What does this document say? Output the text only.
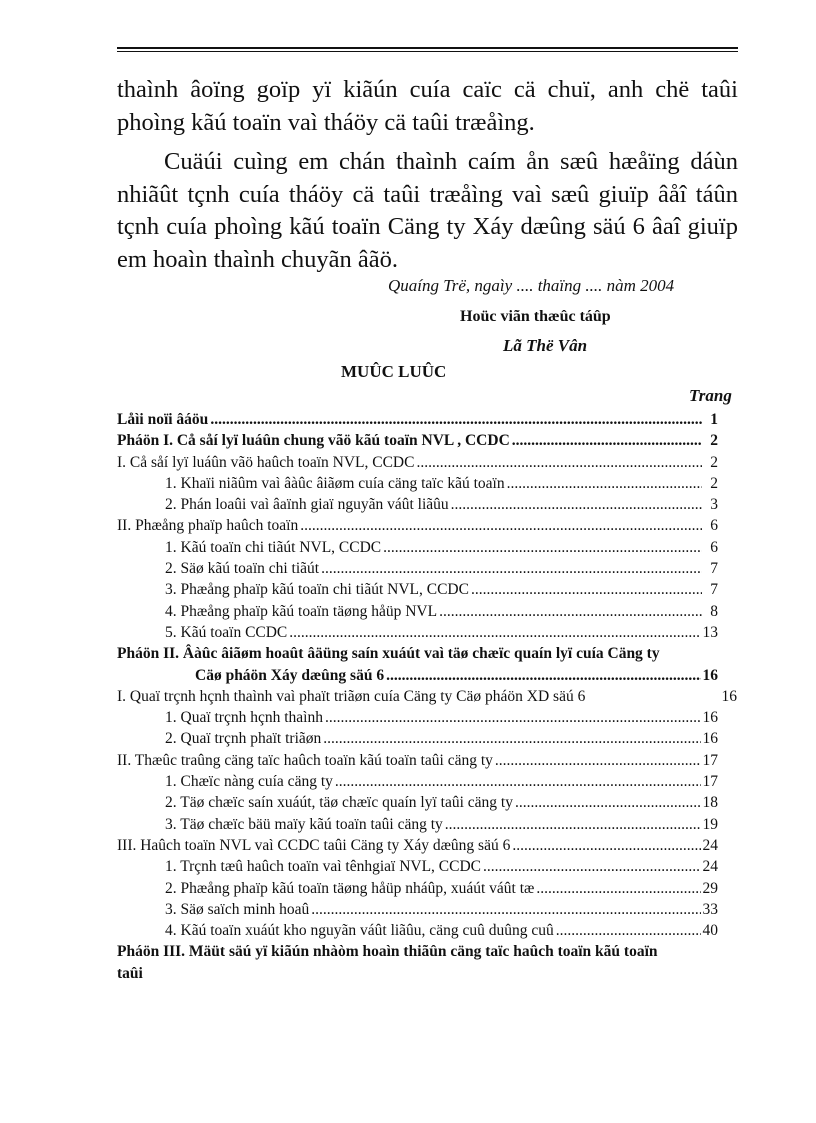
thaình âoïng goïp yï kiãún cuía caïc cä chuï, anh chë taûi phoìng kãú toaïn vaì tháöy cä taûi træåìng.

Cuäúi cuìng em chán thaình caím ån sæû hæåïng dáùn nhiãût tçnh cuía tháöy cä taûi træåìng vaì sæû giuïp âåî táûn tçnh cuía phoìng kãú toaïn Cäng ty Xáy dæûng säú 6 âaî giuïp em hoaìn thaình chuyãn âãö.

Quaíng Trë, ngaìy .... thaïng .... nàm 2004
Hoüc viãn thæûc táûp
Lã Thë Vân
MUÛC LUÛC
Trang
Låìi noïi âáöu .....	1
Pháön I. Cå såí lyï luáûn chung vãö kãú toaïn NVL , CCDC .....	2
I. Cå såí lyï luáûn vãö haûch toaïn NVL, CCDC .....	2
1. Khaïi niãûm vaì âàûc âiãøm cuía cäng taïc kãú toaïn .....	2
2. Phán loaûi vaì âaïnh giaï nguyãn váût liãûu .....	3
II. Phæång phaïp haûch toaïn .....	6
1. Kãú toaïn chi tiãút NVL, CCDC .....	6
2. Säø kãú toaïn chi tiãút .....	7
3. Phæång phaïp kãú toaïn chi tiãút NVL, CCDC .....	7
4. Phæång phaïp kãú toaïn täøng håüp NVL .....	8
5. Kãú toaïn CCDC .....	13
Pháön II. Âàûc âiãøm hoaût âäüng saín xuáút vaì täø chæïc quaín lyï cuía Cäng ty
Cäø pháön Xáy dæûng säú 6 .....	16
I. Quaï trçnh hçnh thaình vaì phaït triãøn cuía Cäng ty Cäø pháön XD säú 6	16
1. Quaï trçnh hçnh thaình .....	16
2. Quaï trçnh phaït triãøn .....	16
II. Thæûc traûng cäng taïc haûch toaïn kãú toaïn taûi cäng ty .....	17
1. Chæïc nàng cuía cäng ty .....	17
2. Täø chæïc saín xuáút, täø chæïc quaín lyï taûi cäng ty .....	18
3. Täø chæïc bäü maïy kãú toaïn taûi cäng ty .....	19
III. Haûch toaïn NVL vaì CCDC taûi Cäng ty Xáy dæûng säú 6 .....	24
1. Trçnh tæû haûch toaïn vaì tênhgiaï NVL, CCDC .....	24
2. Phæång phaïp kãú toaïn täøng håüp nháûp, xuáút váût tæ .....	29
3. Säø saïch minh hoaû .....	33
4. Kãú toaïn xuáút kho nguyãn váût liãûu, cäng cuû duûng cuû .....	40
Pháön III. Mäüt säú yï kiãún nhàòm hoaìn thiãûn cäng taïc haûch toaïn kãú toaïn taûi
